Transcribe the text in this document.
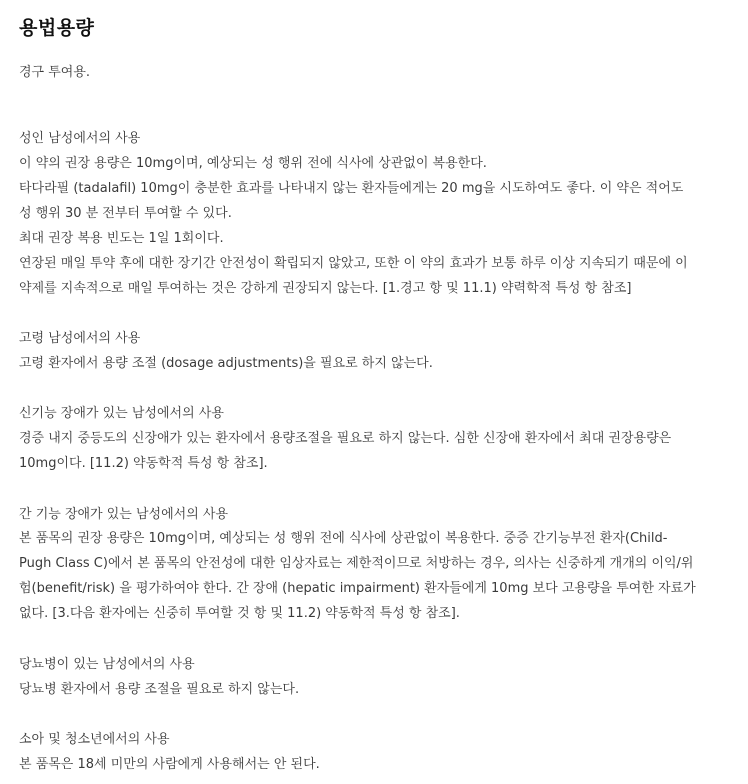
용법용량
경구 투여용.
성인 남성에서의 사용
이 약의 권장 용량은 10mg이며, 예상되는 성 행위 전에 식사에 상관없이 복용한다.
타다라필 (tadalafil) 10mg이 충분한 효과를 나타내지 않는 환자들에게는 20 mg을 시도하여도 좋다. 이 약은 적어도
성 행위 30 분 전부터 투여할 수 있다.
최대 권장 복용 빈도는 1일 1회이다.
연장된 매일 투약 후에 대한 장기간 안전성이 확립되지 않았고, 또한 이 약의 효과가 보통 하루 이상 지속되기 때문에 이
약제를 지속적으로 매일 투여하는 것은 강하게 권장되지 않는다. [1.경고 항 및 11.1) 약력학적 특성 항 참조]
고령 남성에서의 사용
고령 환자에서 용량 조절 (dosage adjustments)을 필요로 하지 않는다.
신기능 장애가 있는 남성에서의 사용
경증 내지 중등도의 신장애가 있는 환자에서 용량조절을 필요로 하지 않는다. 심한 신장애 환자에서 최대 권장용량은
10mg이다. [11.2) 약동학적 특성 항 참조].
간 기능 장애가 있는 남성에서의 사용
본 품목의 권장 용량은 10mg이며, 예상되는 성 행위 전에 식사에 상관없이 복용한다. 중증 간기능부전 환자(Child-
Pugh Class C)에서 본 품목의 안전성에 대한 임상자료는 제한적이므로 처방하는 경우, 의사는 신중하게 개개의 이익/위
험(benefit/risk) 을 평가하여야 한다. 간 장애 (hepatic impairment) 환자들에게 10mg 보다 고용량을 투여한 자료가
없다. [3.다음 환자에는 신중히 투여할 것 항 및 11.2) 약동학적 특성 항 참조].
당뇨병이 있는 남성에서의 사용
당뇨병 환자에서 용량 조절을 필요로 하지 않는다.
소아 및 청소년에서의 사용
본 품목은 18세 미만의 사람에게 사용해서는 안 된다.
